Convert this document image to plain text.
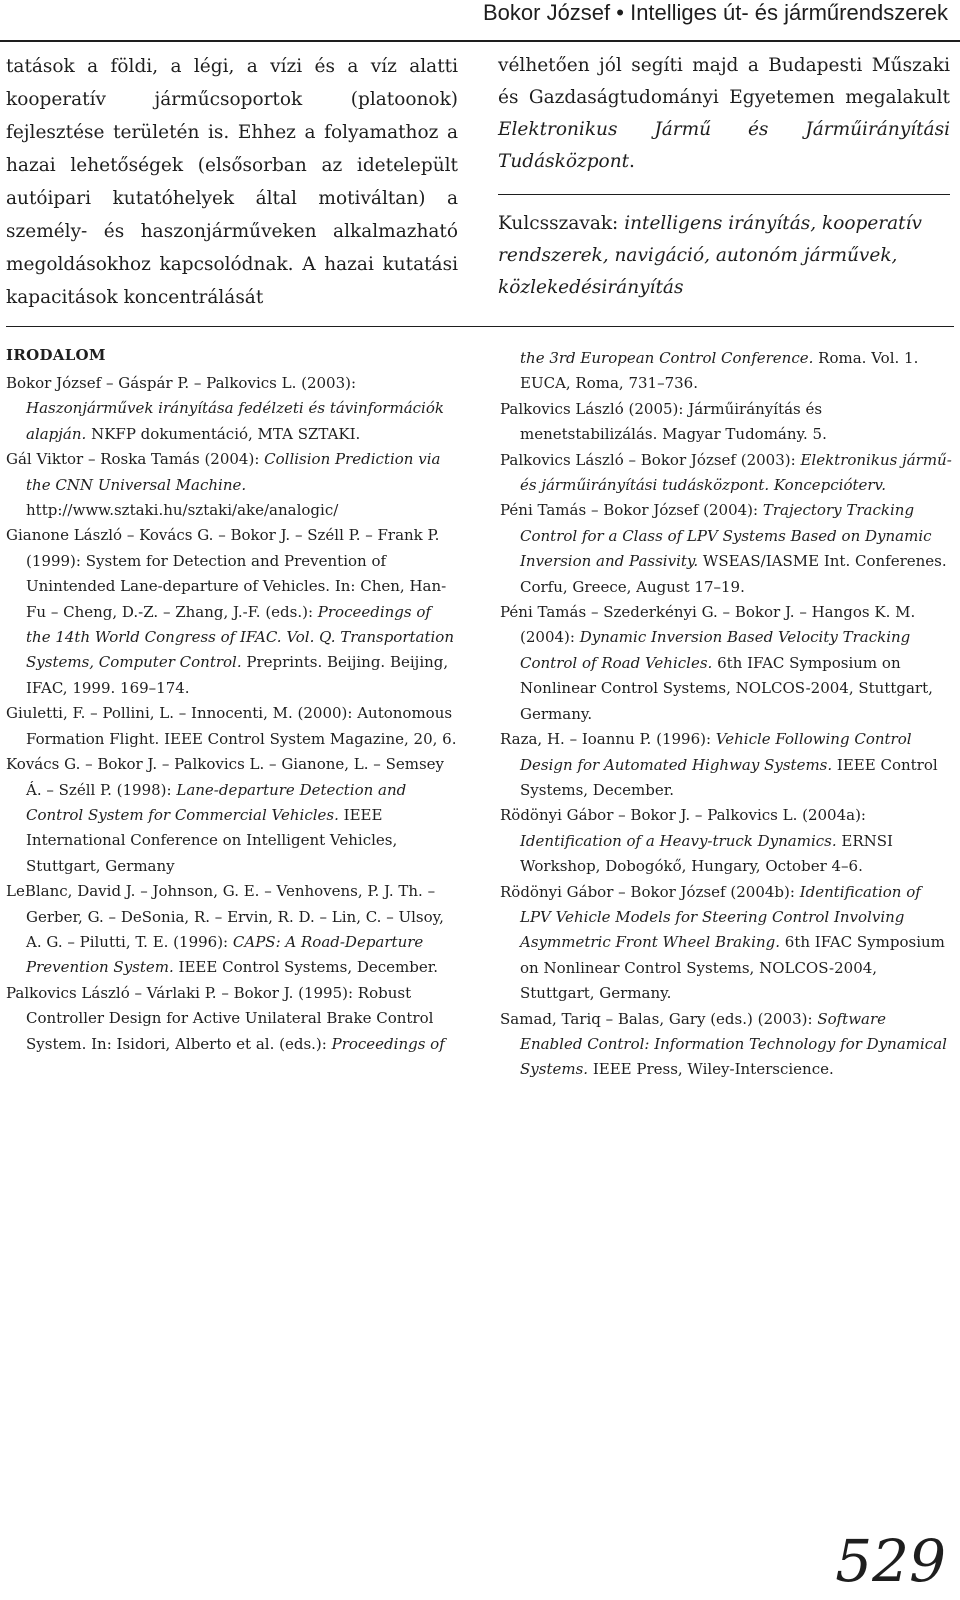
Bokor József • Intelliges út- és járműrendszerek
tatások a földi, a légi, a vízi és a víz alatti kooperatív járműcsoportok (platoonok) fejlesztése területén is. Ehhez a folyamathoz a hazai lehetőségek (elsősorban az idetelepült autóipari kutatóhelyek által motiváltan) a személy- és haszonjárműveken alkalmazható megoldásokhoz kapcsolódnak. A hazai kutatási kapacitások koncentrálását
vélhetően jól segíti majd a Budapesti Műszaki és Gazdaságtudományi Egyetemen megalakult Elektronikus Jármű és Járműirányítási Tudásközpont.
Kulcsszavak: intelligens irányítás, kooperatív rendszerek, navigáció, autonóm járművek, közlekedésirányítás
IRODALOM
Bokor József – Gáspár P. – Palkovics L. (2003): Haszonjárművek irányítása fedélzeti és távinformációk alapján. NKFP dokumentáció, MTA SZTAKI.
Gál Viktor – Roska Tamás (2004): Collision Prediction via the CNN Universal Machine. http://www.sztaki.hu/sztaki/ake/analogic/
Gianone László – Kovács G. – Bokor J. – Széll P. – Frank P. (1999): System for Detection and Prevention of Unintended Lane-departure of Vehicles. In: Chen, Han-Fu – Cheng, D.-Z. – Zhang, J.-F. (eds.): Proceedings of the 14th World Congress of IFAC. Vol. Q. Transportation Systems, Computer Control. Preprints. Beijing. Beijing, IFAC, 1999. 169–174.
Giuletti, F. – Pollini, L. – Innocenti, M. (2000): Autonomous Formation Flight. IEEE Control System Magazine, 20, 6.
Kovács G. – Bokor J. – Palkovics L. – Gianone, L. – Semsey Á. – Széll P. (1998): Lane-departure Detection and Control System for Commercial Vehicles. IEEE International Conference on Intelligent Vehicles, Stuttgart, Germany
LeBlanc, David J. – Johnson, G. E. – Venhovens, P. J. Th. – Gerber, G. – DeSonia, R. – Ervin, R. D. – Lin, C. – Ulsoy, A. G. – Pilutti, T. E. (1996): CAPS: A Road-Departure Prevention System. IEEE Control Systems, December.
Palkovics László – Várlaki P. – Bokor J. (1995): Robust Controller Design for Active Unilateral Brake Control System. In: Isidori, Alberto et al. (eds.): Proceedings of
the 3rd European Control Conference. Roma. Vol. 1. EUCA, Roma, 731–736.
Palkovics László (2005): Járműirányítás és menetstabilizálás. Magyar Tudomány. 5.
Palkovics László – Bokor József (2003): Elektronikus jármű- és járműirányítási tudásközpont. Koncepcióterv.
Péni Tamás – Bokor József (2004): Trajectory Tracking Control for a Class of LPV Systems Based on Dynamic Inversion and Passivity. WSEAS/IASME Int. Conferenes. Corfu, Greece, August 17–19.
Péni Tamás – Szederkényi G. – Bokor J. – Hangos K. M. (2004): Dynamic Inversion Based Velocity Tracking Control of Road Vehicles. 6th IFAC Symposium on Nonlinear Control Systems, NOLCOS-2004, Stuttgart, Germany.
Raza, H. – Ioannu P. (1996): Vehicle Following Control Design for Automated Highway Systems. IEEE Control Systems, December.
Rödönyi Gábor – Bokor J. – Palkovics L. (2004a): Identification of a Heavy-truck Dynamics. ERNSI Workshop, Dobogókő, Hungary, October 4–6.
Rödönyi Gábor – Bokor József (2004b): Identification of LPV Vehicle Models for Steering Control Involving Asymmetric Front Wheel Braking. 6th IFAC Symposium on Nonlinear Control Systems, NOLCOS-2004, Stuttgart, Germany.
Samad, Tariq – Balas, Gary (eds.) (2003): Software Enabled Control: Information Technology for Dynamical Systems. IEEE Press, Wiley-Interscience.
529
